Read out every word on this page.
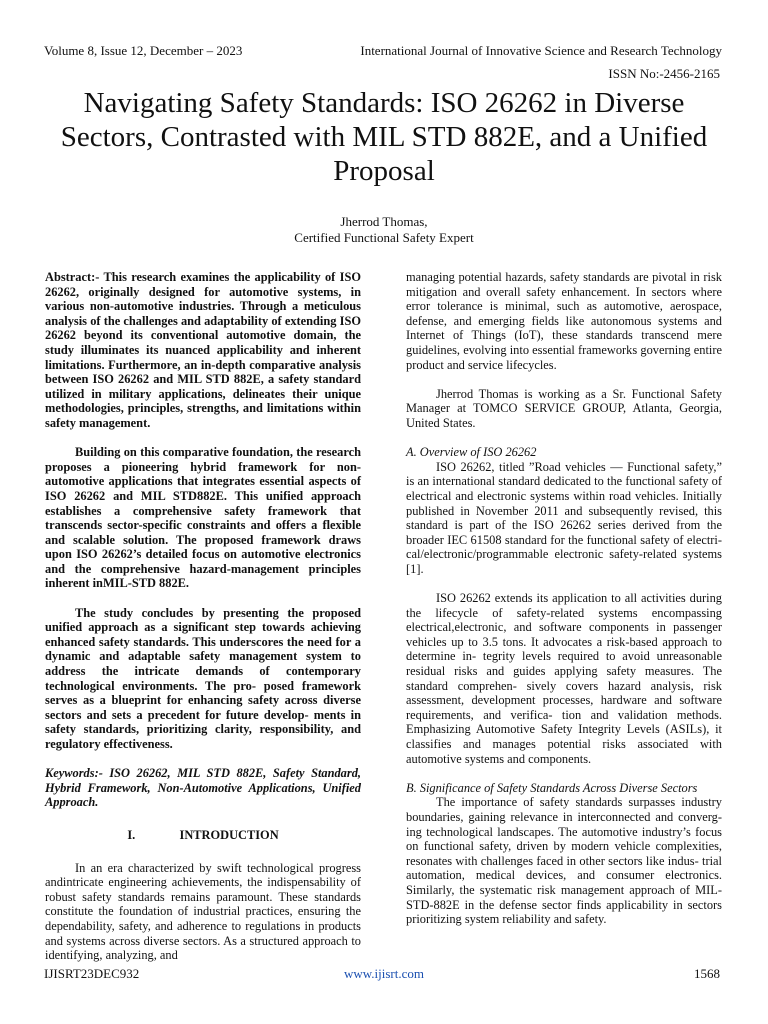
Volume 8, Issue 12, December – 2023	International Journal of Innovative Science and Research Technology
ISSN No:-2456-2165
Navigating Safety Standards: ISO 26262 in Diverse Sectors, Contrasted with MIL STD 882E, and a Unified Proposal
Jherrod Thomas,
Certified Functional Safety Expert

Abstract:- This research examines the applicability of ISO 26262, originally designed for automotive systems, in various non-automotive industries. Through a meticulous analysis of the challenges and adaptability of extending ISO 26262 beyond its conventional automotive domain, the study illuminates its nuanced applicability and inherent limitations. Furthermore, an in-depth comparative analysis between ISO 26262 and MIL STD 882E, a safety standard utilized in military applications, delineates their unique methodologies, principles, strengths, and limitations within safety management.

Building on this comparative foundation, the research proposes a pioneering hybrid framework for non-automotive applications that integrates essential aspects of ISO 26262 and MIL STD882E. This unified approach establishes a comprehensive safety framework that transcends sector-specific constraints and offers a flexible and scalable solution. The proposed framework draws upon ISO 26262’s detailed focus on automotive electronics and the comprehensive hazard-management principles inherent inMIL-STD 882E.

The study concludes by presenting the proposed unified approach as a significant step towards achieving enhanced safety standards. This underscores the need for a dynamic and adaptable safety management system to address the intricate demands of contemporary technological environments. The pro- posed framework serves as a blueprint for enhancing safety across diverse sectors and sets a precedent for future develop- ments in safety standards, prioritizing clarity, responsibility, and regulatory effectiveness.

Keywords:- ISO 26262, MIL STD 882E, Safety Standard, Hybrid Framework, Non-Automotive Applications, Unified Approach.

I.	INTRODUCTION

In an era characterized by swift technological progress andintricate engineering achievements, the indispensability of robust safety standards remains paramount. These standards constitute the foundation of industrial practices, ensuring the dependability, safety, and adherence to regulations in products and systems across diverse sectors. As a structured approach to identifying, analyzing, and

managing potential hazards, safety standards are pivotal in risk mitigation and overall safety enhancement. In sectors where error tolerance is minimal, such as automotive, aerospace, defense, and emerging fields like autonomous systems and Internet of Things (IoT), these standards transcend mere guidelines, evolving into essential frameworks governing entire product and service lifecycles.

Jherrod Thomas is working as a Sr. Functional Safety Manager at TOMCO SERVICE GROUP, Atlanta, Georgia, United States.

A. Overview of ISO 26262

ISO 26262, titled ”Road vehicles — Functional safety,” is an international standard dedicated to the functional safety of electrical and electronic systems within road vehicles. Initially published in November 2011 and subsequently revised, this standard is part of the ISO 26262 series derived from the broader IEC 61508 standard for the functional safety of electri- cal/electronic/programmable electronic safety-related systems [1].

ISO 26262 extends its application to all activities during the lifecycle of safety-related systems encompassing electrical,electronic, and software components in passenger vehicles up to 3.5 tons. It advocates a risk-based approach to determine in- tegrity levels required to avoid unreasonable residual risks and guides applying safety measures. The standard comprehen- sively covers hazard analysis, risk assessment, development processes, hardware and software requirements, and verifica- tion and validation methods. Emphasizing Automotive Safety Integrity Levels (ASILs), it classifies and manages potential risks associated with automotive systems and components.

B. Significance of Safety Standards Across Diverse Sectors

The importance of safety standards surpasses industry boundaries, gaining relevance in interconnected and converg- ing technological landscapes. The automotive industry’s focus on functional safety, driven by modern vehicle complexities, resonates with challenges faced in other sectors like indus- trial automation, medical devices, and consumer electronics. Similarly, the systematic risk management approach of MIL- STD-882E in the defense sector finds applicability in sectors prioritizing system reliability and safety.

IJISRT23DEC932	www.ijisrt.com	1568
